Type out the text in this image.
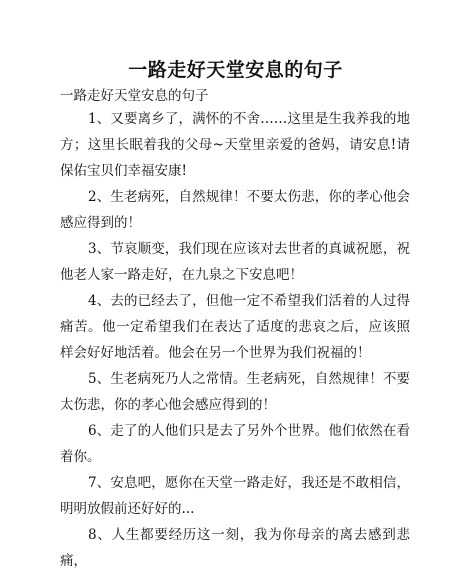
一路走好天堂安息的句子
一路走好天堂安息的句子

1、又要离乡了，满怀的不舍……这里是生我养我的地方；这里长眠着我的父母~天堂里亲爱的爸妈，请安息!请保佑宝贝们幸福安康!

2、生老病死，自然规律！不要太伤悲，你的孝心他会感应得到的！

3、节哀顺变，我们现在应该对去世者的真诚祝愿，祝他老人家一路走好，在九泉之下安息吧！

4、去的已经去了，但他一定不希望我们活着的人过得痛苦。他一定希望我们在表达了适度的悲哀之后，应该照样会好好地活着。他会在另一个世界为我们祝福的！

5、生老病死乃人之常情。生老病死，自然规律！不要太伤悲，你的孝心他会感应得到的！

6、走了的人他们只是去了另外个世界。他们依然在看着你。

7、安息吧，愿你在天堂一路走好，我还是不敢相信，明明放假前还好好的...

8、人生都要经历这一刻，我为你母亲的离去感到悲痛，
